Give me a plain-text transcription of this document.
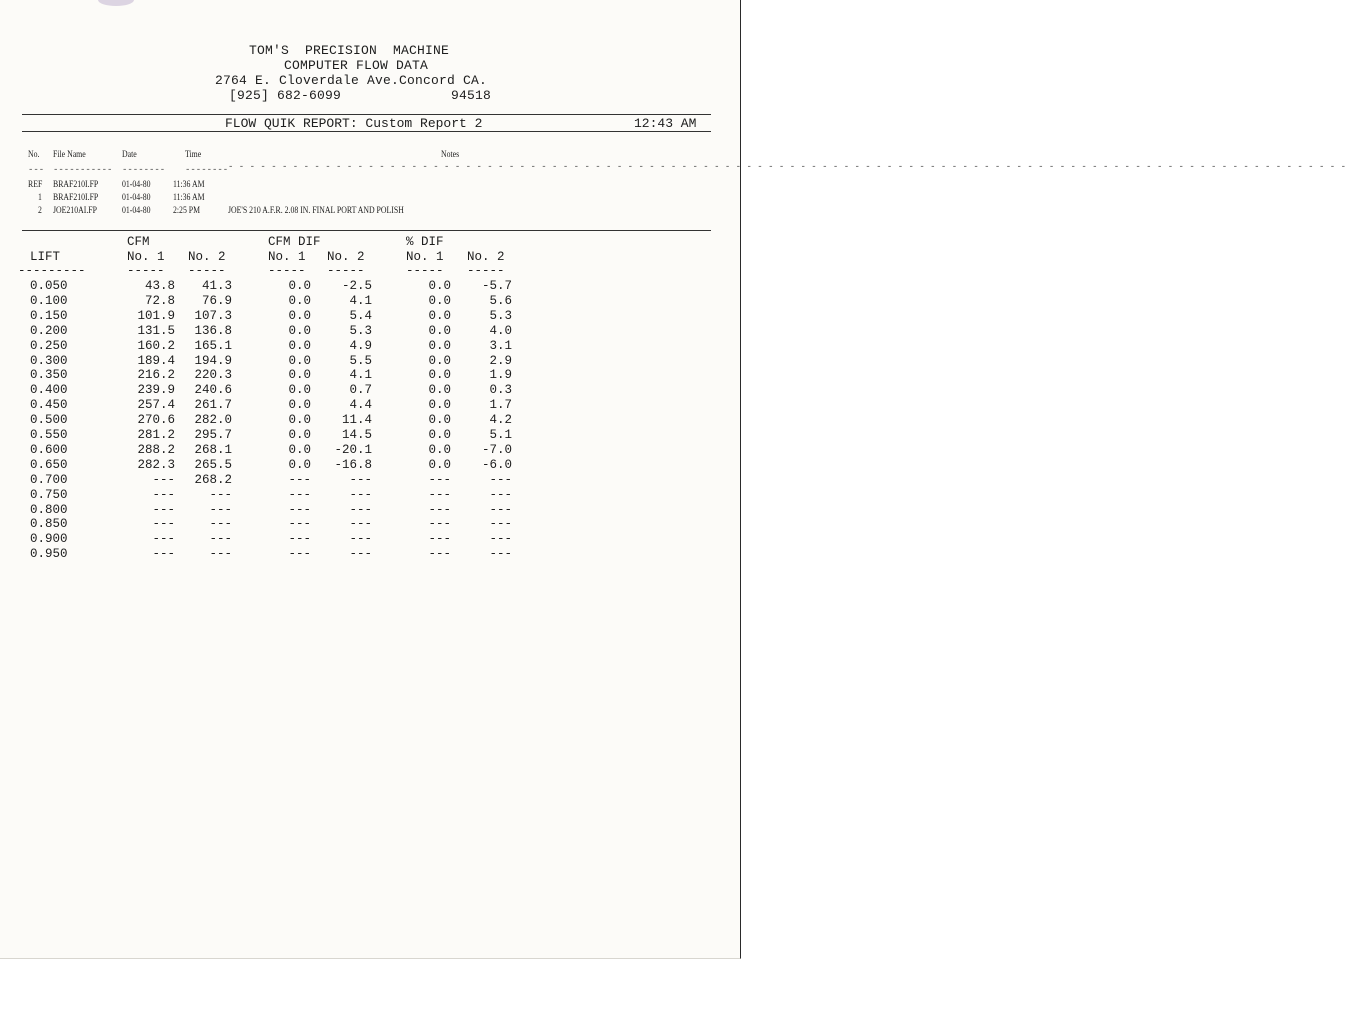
TOM'S  PRECISION  MACHINE
COMPUTER FLOW DATA
2764 E. Cloverdale Ave.Concord CA.
[925] 682-6099	94518
FLOW QUIK REPORT: Custom Report 2	12:43 AM
No. File Name	Date	Time	Notes
--- ----------- -------- -------- - - - - - - - - - - - - - - - - - - - - - - - - - - - - - - - - - - - - - - - - - - - - - - - - - - - - - - - - - - - - - - - - - - - - - - - - - - - - - - - - - - - - - - - - - - - - - - - - - - - - - - - -
REF BRAF210I.FP 01-04-80 11:36 AM
1 BRAF210I.FP 01-04-80 11:36 AM
2 JOE210AI.FP	01-04-80 2:25 PM	JOE'S 210 A.F.R. 2.08 IN. FINAL PORT AND POLISH
CFM	CFM DIF	% DIF
LIFT	No. 1 No. 2	No. 1 No. 2	No. 1 No. 2
---------	----- -----	----- -----	----- -----
0.050	43.8	41.3	0.0	-2.5	0.0	-5.7
0.100	72.8	76.9	0.0	4.1	0.0	5.6
0.150	101.9	107.3	0.0	5.4	0.0	5.3
0.200	131.5	136.8	0.0	5.3	0.0	4.0
0.250	160.2	165.1	0.0	4.9	0.0	3.1
0.300	189.4	194.9	0.0	5.5	0.0	2.9
0.350	216.2	220.3	0.0	4.1	0.0	1.9
0.400	239.9	240.6	0.0	0.7	0.0	0.3
0.450	257.4	261.7	0.0	4.4	0.0	1.7
0.500	270.6	282.0	0.0	11.4	0.0	4.2
0.550	281.2	295.7	0.0	14.5	0.0	5.1
0.600	288.2	268.1	0.0	-20.1	0.0	-7.0
0.650	282.3	265.5	0.0	-16.8	0.0	-6.0
0.700	---	268.2	---	---	---	---
0.750	---	---	---	---	---	---
0.800	---	---	---	---	---	---
0.850	---	---	---	---	---	---
0.900	---	---	---	---	---	---
0.950	---	---	---	---	---	---
